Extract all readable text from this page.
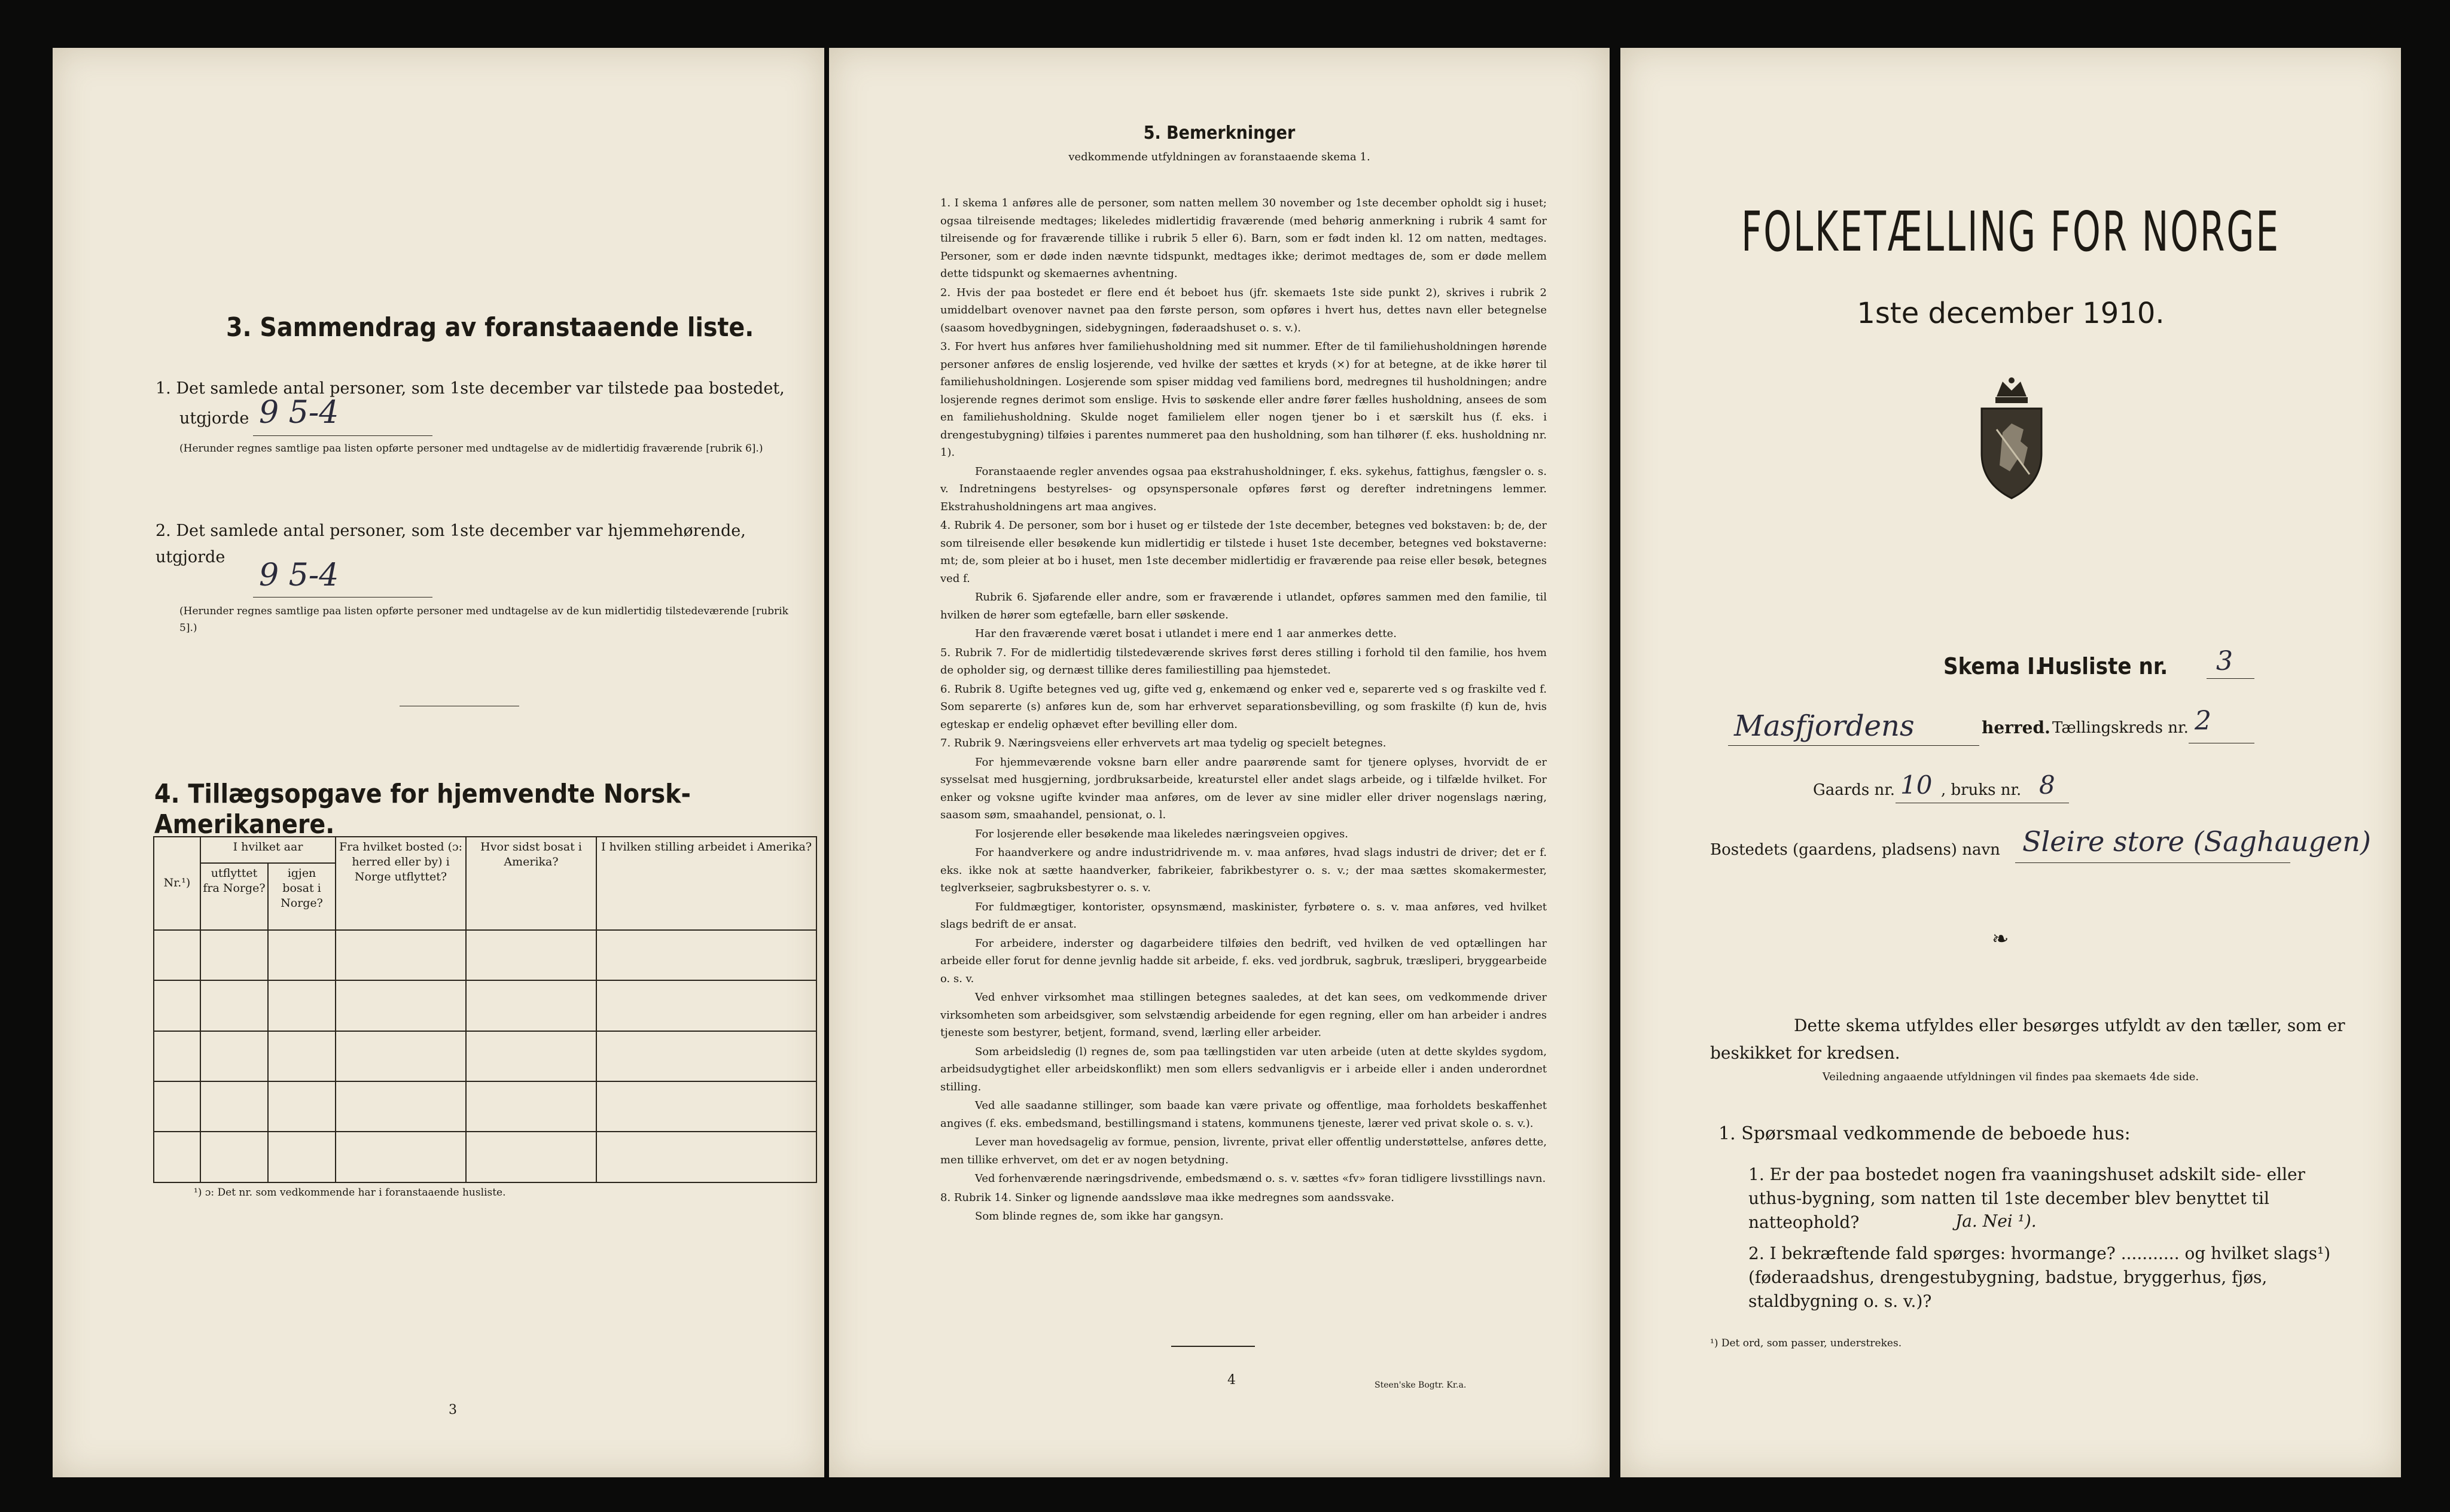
3. Sammendrag av foranstaaende liste.
1. Det samlede antal personer, som 1ste december var tilstede paa bostedet,
utgjorde 9 5-4
(Herunder regnes samtlige paa listen opførte personer med undtagelse av de midlertidig fraværende [rubrik 6].)
2. Det samlede antal personer, som 1ste december var hjemmehørende, utgjorde
9 5-4
(Herunder regnes samtlige paa listen opførte personer med undtagelse av de kun midlertidig tilstedeværende [rubrik 5].)
4. Tillægsopgave for hjemvendte Norsk-Amerikanere.
Nr.¹)	I hvilket aar		Fra hvilket bosted (ɔ: herred eller by) i Norge utflyttet?	Hvor sidst bosat i Amerika?	I hvilken stilling arbeidet i Amerika?
	utflyttet fra Norge?	igjen bosat i Norge?			

¹) ɔ: Det nr. som vedkommende har i foranstaaende husliste.
3
5. Bemerkninger
vedkommende utfyldningen av foranstaaende skema 1.

1. I skema 1 anføres alle de personer, som natten mellem 30 november og 1ste december opholdt sig i huset; ogsaa tilreisende medtages; likeledes midlertidig fraværende (med behørig anmerkning i rubrik 4 samt for tilreisende og for fraværende tillike i rubrik 5 eller 6). Barn, som er født inden kl. 12 om natten, medtages. Personer, som er døde inden nævnte tidspunkt, medtages ikke; derimot medtages de, som er døde mellem dette tidspunkt og skemaernes avhentning.

2. Hvis der paa bostedet er flere end ét beboet hus (jfr. skemaets 1ste side punkt 2), skrives i rubrik 2 umiddelbart ovenover navnet paa den første person, som opføres i hvert hus, dettes navn eller betegnelse (saasom hovedbygningen, sidebygningen, føderaadshuset o. s. v.).

3. For hvert hus anføres hver familiehusholdning med sit nummer. Efter de til familiehusholdningen hørende personer anføres de enslig losjerende, ved hvilke der sættes et kryds (×) for at betegne, at de ikke hører til familiehusholdningen. Losjerende som spiser middag ved familiens bord, medregnes til husholdningen; andre losjerende regnes derimot som enslige. Hvis to søskende eller andre fører fælles husholdning, ansees de som en familiehusholdning. Skulde noget familielem eller nogen tjener bo i et særskilt hus (f. eks. i drengestubygning) tilføies i parentes nummeret paa den husholdning, som han tilhører (f. eks. husholdning nr. 1).

Foranstaaende regler anvendes ogsaa paa ekstrahusholdninger, f. eks. sykehus, fattighus, fængsler o. s. v. Indretningens bestyrelses- og opsynspersonale opføres først og derefter indretningens lemmer. Ekstrahusholdningens art maa angives.

4. Rubrik 4. De personer, som bor i huset og er tilstede der 1ste december, betegnes ved bokstaven: b; de, der som tilreisende eller besøkende kun midlertidig er tilstede i huset 1ste december, betegnes ved bokstaverne: mt; de, som pleier at bo i huset, men 1ste december midlertidig er fraværende paa reise eller besøk, betegnes ved f.

Rubrik 6. Sjøfarende eller andre, som er fraværende i utlandet, opføres sammen med den familie, til hvilken de hører som egtefælle, barn eller søskende.

Har den fraværende været bosat i utlandet i mere end 1 aar anmerkes dette.

5. Rubrik 7. For de midlertidig tilstedeværende skrives først deres stilling i forhold til den familie, hos hvem de opholder sig, og dernæst tillike deres familiestilling paa hjemstedet.

6. Rubrik 8. Ugifte betegnes ved ug, gifte ved g, enkemænd og enker ved e, separerte ved s og fraskilte ved f. Som separerte (s) anføres kun de, som har erhvervet separationsbevilling, og som fraskilte (f) kun de, hvis egteskap er endelig ophævet efter bevilling eller dom.

7. Rubrik 9. Næringsveiens eller erhvervets art maa tydelig og specielt betegnes.

For hjemmeværende voksne barn eller andre paarørende samt for tjenere oplyses, hvorvidt de er sysselsat med husgjerning, jordbruksarbeide, kreaturstel eller andet slags arbeide, og i tilfælde hvilket. For enker og voksne ugifte kvinder maa anføres, om de lever av sine midler eller driver nogenslags næring, saasom søm, smaahandel, pensionat, o. l.

For losjerende eller besøkende maa likeledes næringsveien opgives.

For haandverkere og andre industridrivende m. v. maa anføres, hvad slags industri de driver; det er f. eks. ikke nok at sætte haandverker, fabrikeier, fabrikbestyrer o. s. v.; der maa sættes skomakermester, teglverkseier, sagbruksbestyrer o. s. v.

For fuldmægtiger, kontorister, opsynsmænd, maskinister, fyrbøtere o. s. v. maa anføres, ved hvilket slags bedrift de er ansat.

For arbeidere, inderster og dagarbeidere tilføies den bedrift, ved hvilken de ved optællingen har arbeide eller forut for denne jevnlig hadde sit arbeide, f. eks. ved jordbruk, sagbruk, træsliperi, bryggearbeide o. s. v.

Ved enhver virksomhet maa stillingen betegnes saaledes, at det kan sees, om vedkommende driver virksomheten som arbeidsgiver, som selvstændig arbeidende for egen regning, eller om han arbeider i andres tjeneste som bestyrer, betjent, formand, svend, lærling eller arbeider.

Som arbeidsledig (l) regnes de, som paa tællingstiden var uten arbeide (uten at dette skyldes sygdom, arbeidsudygtighet eller arbeidskonflikt) men som ellers sedvanligvis er i arbeide eller i anden underordnet stilling.

Ved alle saadanne stillinger, som baade kan være private og offentlige, maa forholdets beskaffenhet angives (f. eks. embedsmand, bestillingsmand i statens, kommunens tjeneste, lærer ved privat skole o. s. v.).

Lever man hovedsagelig av formue, pension, livrente, privat eller offentlig understøttelse, anføres dette, men tillike erhvervet, om det er av nogen betydning.

Ved forhenværende næringsdrivende, embedsmænd o. s. v. sættes «fv» foran tidligere livsstillings navn.

8. Rubrik 14. Sinker og lignende aandssløve maa ikke medregnes som aandssvake.

Som blinde regnes de, som ikke har gangsyn.

4	Steen'ske Bogtr. Kr.a.
FOLKETÆLLING FOR NORGE
1ste december 1910.
Skema I.
Husliste nr. 3
Masfjordens	herred. Tællingskreds nr. 2
Gaards nr. 10 , bruks nr. 8
Bostedets (gaardens, pladsens) navn Sleire store (Saghaugen)
❧
Dette skema utfyldes eller besørges utfyldt av den tæller, som er beskikket for kredsen.
Veiledning angaaende utfyldningen vil findes paa skemaets 4de side.
1. Spørsmaal vedkommende de beboede hus:
1. Er der paa bostedet nogen fra vaaningshuset adskilt side- eller uthus-bygning, som natten til 1ste december blev benyttet til natteophold?	Ja. Nei ¹).
2. I bekræftende fald spørges: hvormange? ........... og hvilket slags¹) (føderaadshus, drengestubygning, badstue, bryggerhus, fjøs, staldbygning o. s. v.)?
¹) Det ord, som passer, understrekes.
